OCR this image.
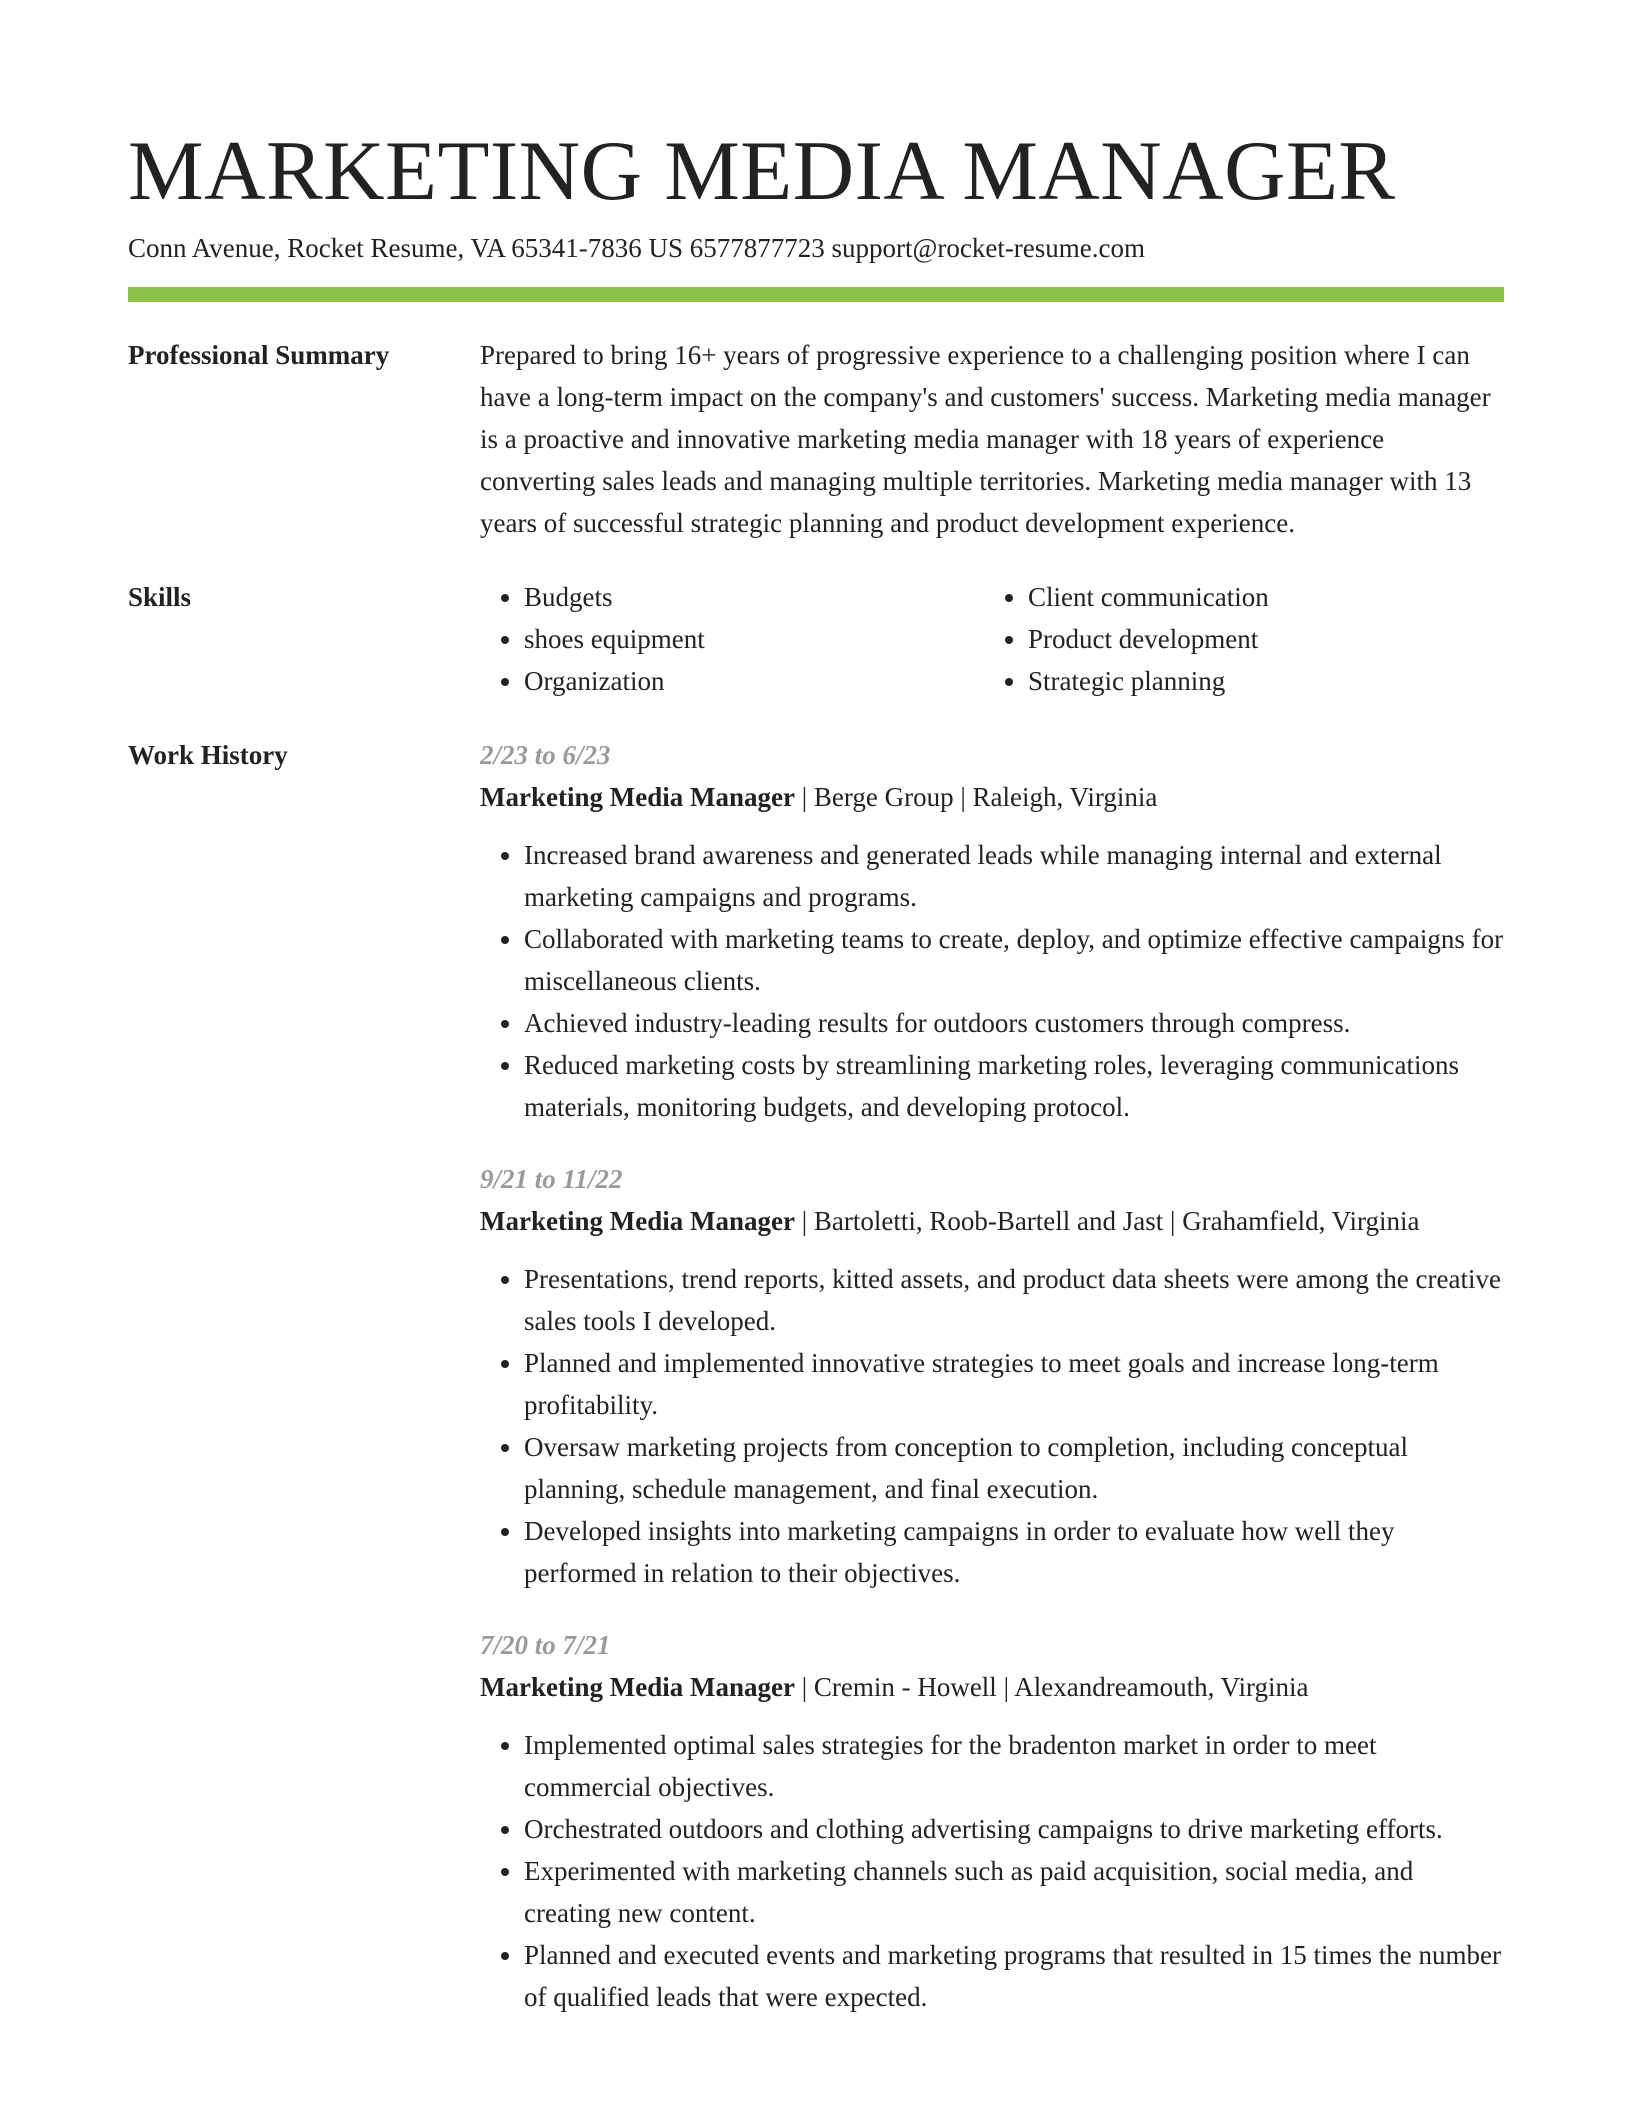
MARKETING MEDIA MANAGER
Conn Avenue, Rocket Resume, VA 65341-7836 US 6577877723 support@rocket-resume.com
Professional Summary	Prepared to bring 16+ years of progressive experience to a challenging position where I can have a long-term impact on the company's and customers' success. Marketing media manager is a proactive and innovative marketing media manager with 18 years of experience converting sales leads and managing multiple territories. Marketing media manager with 13 years of successful strategic planning and product development experience.
Skills
•	Budgets
• shoes equipment
• Organization
• Client communication
• Product development
• Strategic planning
Work History	2/23 to 6/23
Marketing Media Manager | Berge Group | Raleigh, Virginia
• Increased brand awareness and generated leads while managing internal and external marketing campaigns and programs.
• Collaborated with marketing teams to create, deploy, and optimize effective campaigns for miscellaneous clients.
• Achieved industry-leading results for outdoors customers through compress.
• Reduced marketing costs by streamlining marketing roles, leveraging communications materials, monitoring budgets, and developing protocol.
9/21 to 11/22
Marketing Media Manager | Bartoletti, Roob-Bartell and Jast | Grahamfield, Virginia
• Presentations, trend reports, kitted assets, and product data sheets were among the creative sales tools I developed.
• Planned and implemented innovative strategies to meet goals and increase long-term profitability.
• Oversaw marketing projects from conception to completion, including conceptual planning, schedule management, and final execution.
• Developed insights into marketing campaigns in order to evaluate how well they performed in relation to their objectives.
7/20 to 7/21
Marketing Media Manager | Cremin - Howell | Alexandreamouth, Virginia
• Implemented optimal sales strategies for the bradenton market in order to meet commercial objectives.
• Orchestrated outdoors and clothing advertising campaigns to drive marketing efforts.
• Experimented with marketing channels such as paid acquisition, social media, and creating new content.
• Planned and executed events and marketing programs that resulted in 15 times the number of qualified leads that were expected.
